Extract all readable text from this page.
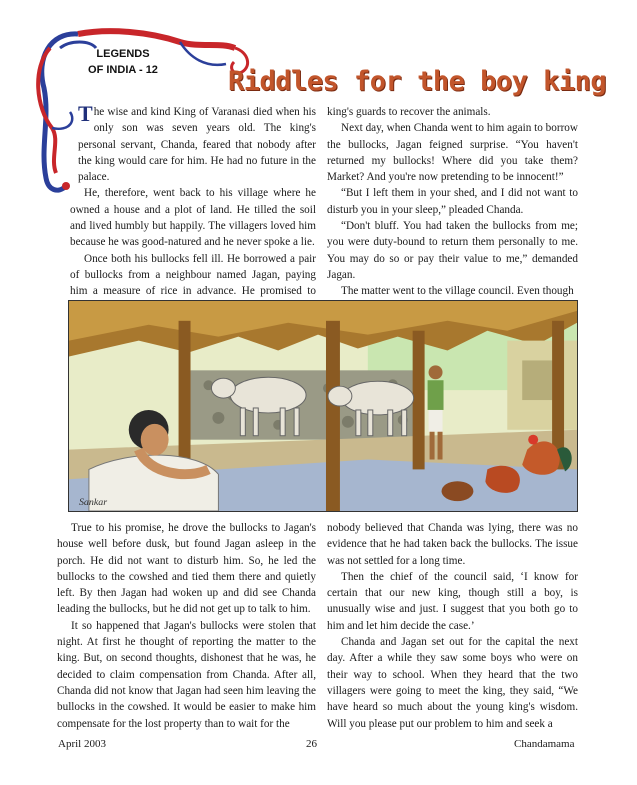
LEGENDS
OF INDIA - 12	Riddles for the boy king

The wise and kind King of Varanasi died when his only son was seven years old. The king's personal servant, Chanda, feared that nobody after the king would care for him. He had no future in the palace.

He, therefore, went back to his village where he owned a house and a plot of land. He tilled the soil and lived humbly but happily. The villagers loved him because he was good-natured and he never spoke a lie.

Once both his bullocks fell ill. He borrowed a pair of bullocks from a neighbour named Jagan, paying him a measure of rice in advance. He promised to

king's guards to recover the animals.

Next day, when Chanda went to him again to borrow the bullocks, Jagan feigned surprise. “You haven't returned my bullocks! Where did you take them? Market? And you're now pretending to be innocent!”

“But I left them in your shed, and I did not want to disturb you in your sleep,” pleaded Chanda.

“Don't bluff. You had taken the bullocks from me; you were duty-bound to return them personally to me. You may do so or pay their value to me,” demanded Jagan.

The matter went to the village council. Even though

Sankar

True to his promise, he drove the bullocks to Jagan's house well before dusk, but found Jagan asleep in the porch. He did not want to disturb him. So, he led the bullocks to the cowshed and tied them there and quietly left. By then Jagan had woken up and did see Chanda leading the bullocks, but he did not get up to talk to him.

It so happened that Jagan's bullocks were stolen that night. At first he thought of reporting the matter to the king. But, on second thoughts, dishonest that he was, he decided to claim compensation from Chanda. After all, Chanda did not know that Jagan had seen him leaving the bullocks in the cowshed. It would be easier to make him compensate for the lost property than to wait for the

nobody believed that Chanda was lying, there was no evidence that he had taken back the bullocks. The issue was not settled for a long time.

Then the chief of the council said, ‘I know for certain that our new king, though still a boy, is unusually wise and just. I suggest that you both go to him and let him decide the case.’

Chanda and Jagan set out for the capital the next day. After a while they saw some boys who were on their way to school. When they heard that the two villagers were going to meet the king, they said, “We have heard so much about the young king's wisdom. Will you please put our problem to him and seek a

April 2003	26	Chandamama
